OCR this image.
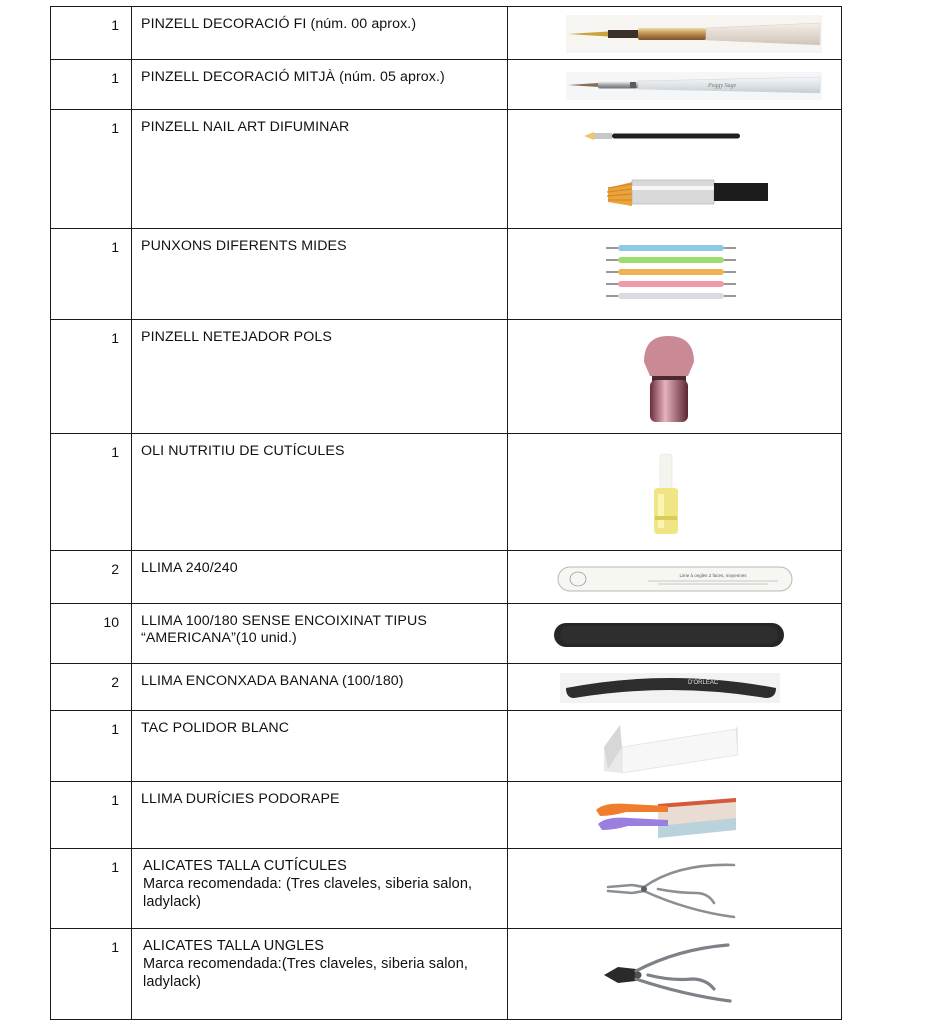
1	PINZELL DECORACIÓ FI (núm. 00 aprox.)

1	PINZELL DECORACIÓ MITJÀ (núm. 05 aprox.)	Peggy Sage

1	PINZELL NAIL ART DIFUMINAR

1	PUNXONS DIFERENTS MIDES

1	PINZELL NETEJADOR POLS

1	OLI NUTRITIU DE CUTÍCULES

2	LLIMA 240/240	Lime à ongles 2 faces, moyennes

10	LLIMA 100/180 SENSE ENCOIXINAT TIPUS “AMERICANA”(10 unid.)

2	LLIMA ENCONXADA BANANA (100/180)	D'ORLEAC

1	TAC POLIDOR BLANC

1	LLIMA DURÍCIES PODORAPE

1	ALICATES TALLA CUTÍCULES
Marca recomendada: (Tres claveles, siberia salon, ladylack)

1	ALICATES TALLA UNGLES
Marca recomendada:(Tres claveles, siberia salon, ladylack)
